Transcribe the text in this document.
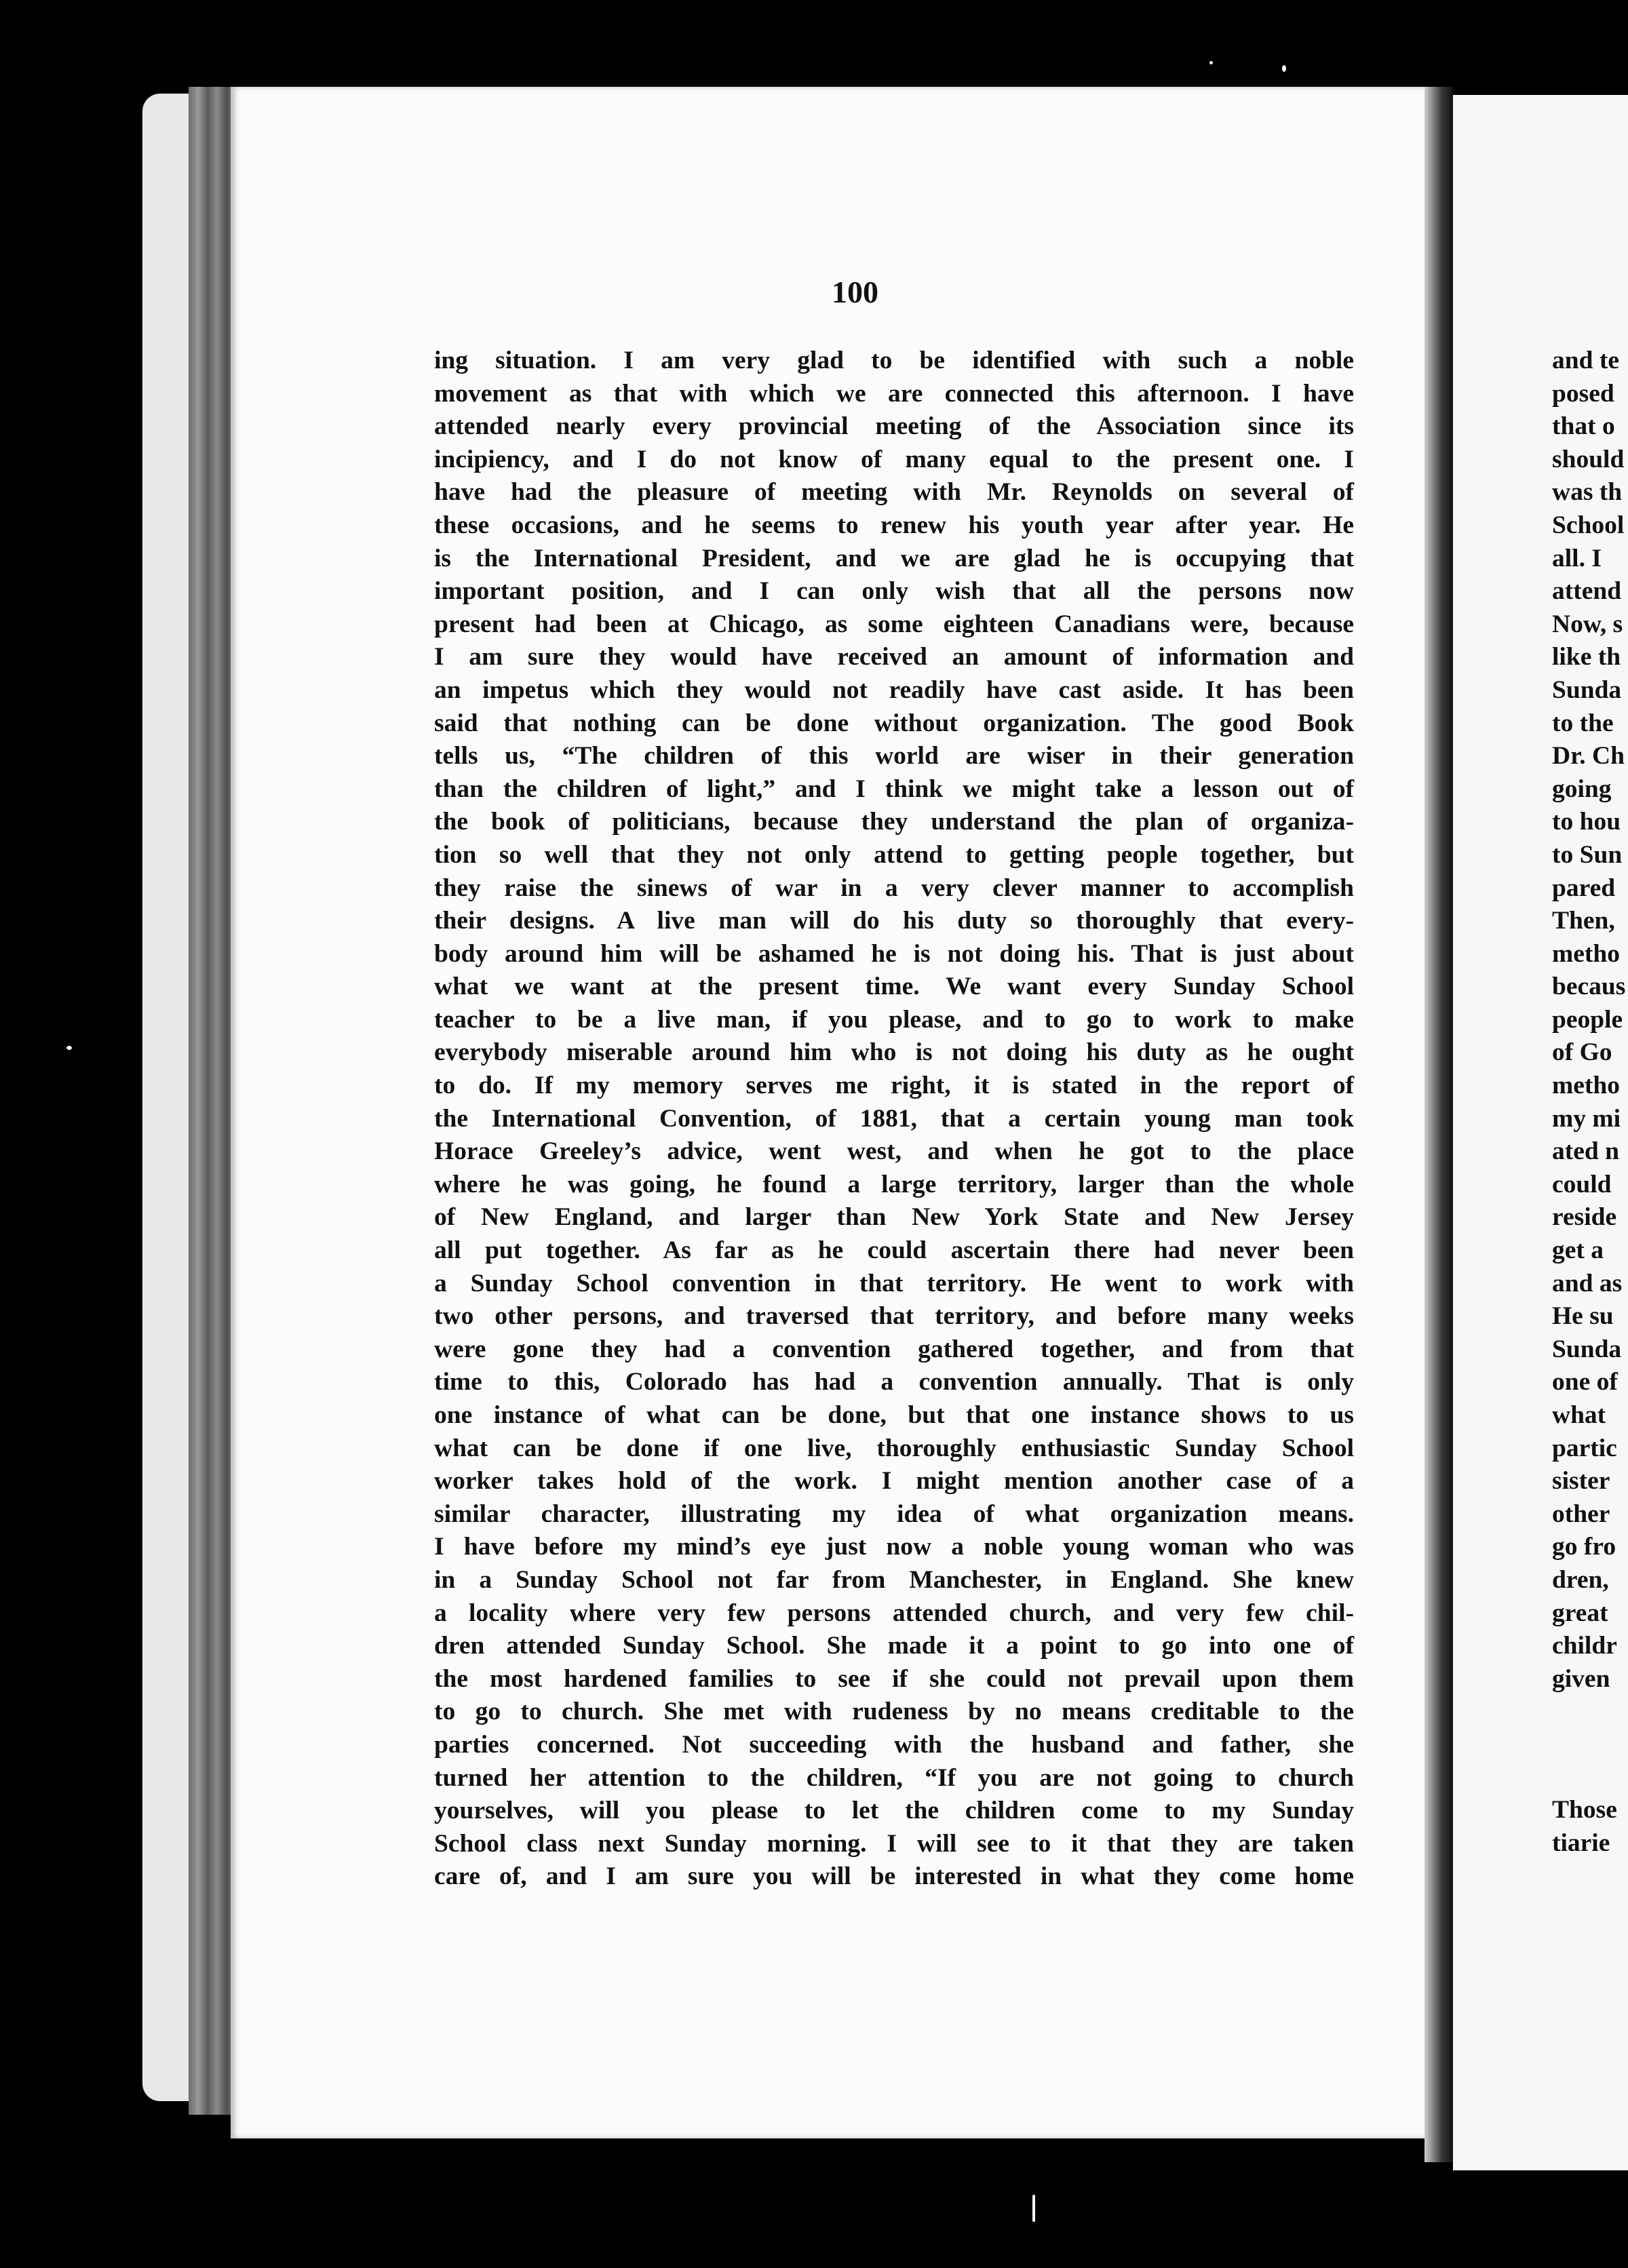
100
ing situation. I am very glad to be identified with such a noble
movement as that with which we are connected this afternoon. I have
attended nearly every provincial meeting of the Association since its
incipiency, and I do not know of many equal to the present one. I
have had the pleasure of meeting with Mr. Reynolds on several of
these occasions, and he seems to renew his youth year after year. He
is the International President, and we are glad he is occupying that
important position, and I can only wish that all the persons now
present had been at Chicago, as some eighteen Canadians were, because
I am sure they would have received an amount of information and
an impetus which they would not readily have cast aside. It has been
said that nothing can be done without organization. The good Book
tells us, “The children of this world are wiser in their generation
than the children of light,” and I think we might take a lesson out of
the book of politicians, because they understand the plan of organiza-
tion so well that they not only attend to getting people together, but
they raise the sinews of war in a very clever manner to accomplish
their designs. A live man will do his duty so thoroughly that every-
body around him will be ashamed he is not doing his. That is just about
what we want at the present time. We want every Sunday School
teacher to be a live man, if you please, and to go to work to make
everybody miserable around him who is not doing his duty as he ought
to do. If my memory serves me right, it is stated in the report of
the International Convention, of 1881, that a certain young man took
Horace Greeley’s advice, went west, and when he got to the place
where he was going, he found a large territory, larger than the whole
of New England, and larger than New York State and New Jersey
all put together. As far as he could ascertain there had never been
a Sunday School convention in that territory. He went to work with
two other persons, and traversed that territory, and before many weeks
were gone they had a convention gathered together, and from that
time to this, Colorado has had a convention annually. That is only
one instance of what can be done, but that one instance shows to us
what can be done if one live, thoroughly enthusiastic Sunday School
worker takes hold of the work. I might mention another case of a
similar character, illustrating my idea of what organization means.
I have before my mind’s eye just now a noble young woman who was
in a Sunday School not far from Manchester, in England. She knew
a locality where very few persons attended church, and very few chil-
dren attended Sunday School. She made it a point to go into one of
the most hardened families to see if she could not prevail upon them
to go to church. She met with rudeness by no means creditable to the
parties concerned. Not succeeding with the husband and father, she
turned her attention to the children, “If you are not going to church
yourselves, will you please to let the children come to my Sunday
School class next Sunday morning. I will see to it that they are taken
care of, and I am sure you will be interested in what they come home
and te
posed
that o
should
was th
School
all. I
attend
Now, s
like th
Sunda
to the
Dr. Ch
going
to hou
to Sun
pared
Then,
metho
becaus
people
of Go
metho
my mi
ated n
could
reside
get a
and as
He su
Sunda
one of
what
partic
sister
other
go fro
dren,
great
childr
given
Those
tiarie
